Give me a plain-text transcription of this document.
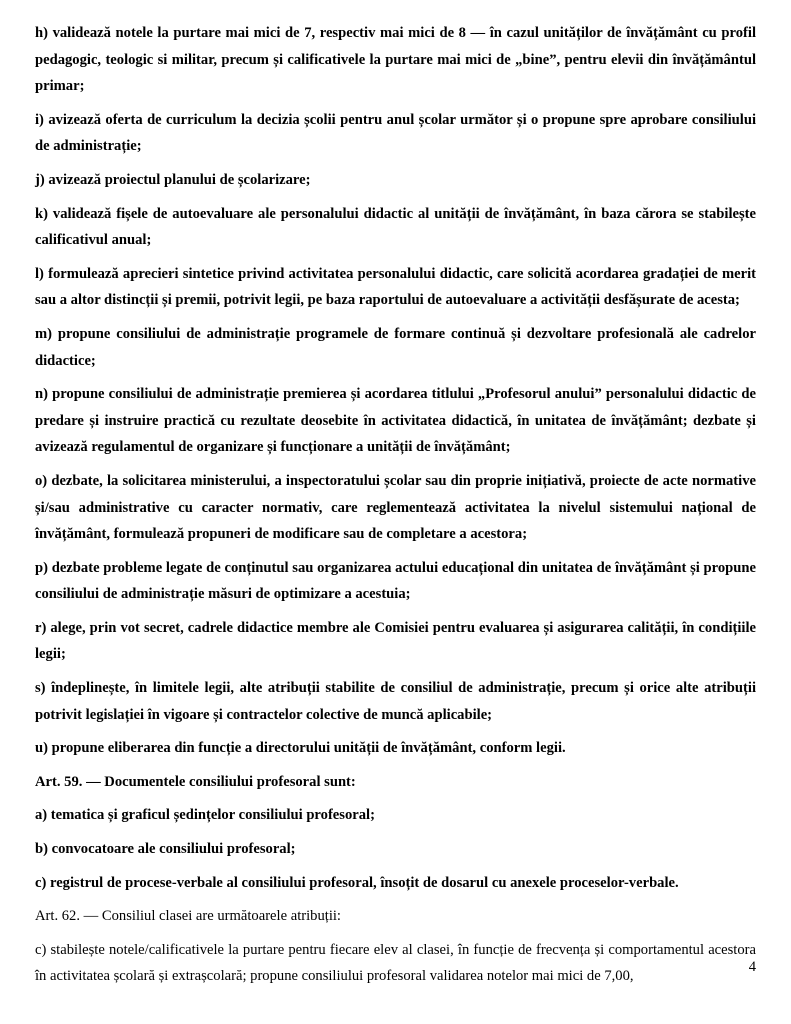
h) validează notele la purtare mai mici de 7, respectiv mai mici de 8 — în cazul unităților de învățământ cu profil pedagogic, teologic si militar, precum și calificativele la purtare mai mici de „bine”, pentru elevii din învățământul primar;

i) avizează oferta de curriculum la decizia școlii pentru anul școlar următor și o propune spre aprobare consiliului de administrație;

j) avizează proiectul planului de școlarizare;

k) validează fișele de autoevaluare ale personalului didactic al unității de învățământ, în baza cărora se stabilește calificativul anual;

l) formulează aprecieri sintetice privind activitatea personalului didactic, care solicită acordarea gradației de merit sau a altor distincții și premii, potrivit legii, pe baza raportului de autoevaluare a activității desfășurate de acesta;

m) propune consiliului de administrație programele de formare continuă și dezvoltare profesională ale cadrelor didactice;

n) propune consiliului de administrație premierea și acordarea titlului „Profesorul anului” personalului didactic de predare și instruire practică cu rezultate deosebite în activitatea didactică, în unitatea de învățământ; dezbate și avizează regulamentul de organizare și funcționare a unității de învățământ;

o) dezbate, la solicitarea ministerului, a inspectoratului școlar sau din proprie inițiativă, proiecte de acte normative și/sau administrative cu caracter normativ, care reglementează activitatea la nivelul sistemului național de învățământ, formulează propuneri de modificare sau de completare a acestora;

p) dezbate probleme legate de conținutul sau organizarea actului educațional din unitatea de învățământ și propune consiliului de administrație măsuri de optimizare a acestuia;

r) alege, prin vot secret, cadrele didactice membre ale Comisiei pentru evaluarea și asigurarea calității, în condițiile legii;

s) îndeplinește, în limitele legii, alte atribuții stabilite de consiliul de administrație, precum și orice alte atribuții potrivit legislației în vigoare și contractelor colective de muncă aplicabile;

u) propune eliberarea din funcție a directorului unității de învățământ, conform legii.

Art. 59. — Documentele consiliului profesoral sunt:

a) tematica și graficul ședințelor consiliului profesoral;

b) convocatoare ale consiliului profesoral;

c) registrul de procese-verbale al consiliului profesoral, însoțit de dosarul cu anexele proceselor-verbale.

Art. 62. — Consiliul clasei are următoarele atribuții:

c) stabilește notele/calificativele la purtare pentru fiecare elev al clasei, în funcție de frecvența și comportamentul acestora în activitatea școlară și extrașcolară; propune consiliului profesoral validarea notelor mai mici de 7,00,

4
